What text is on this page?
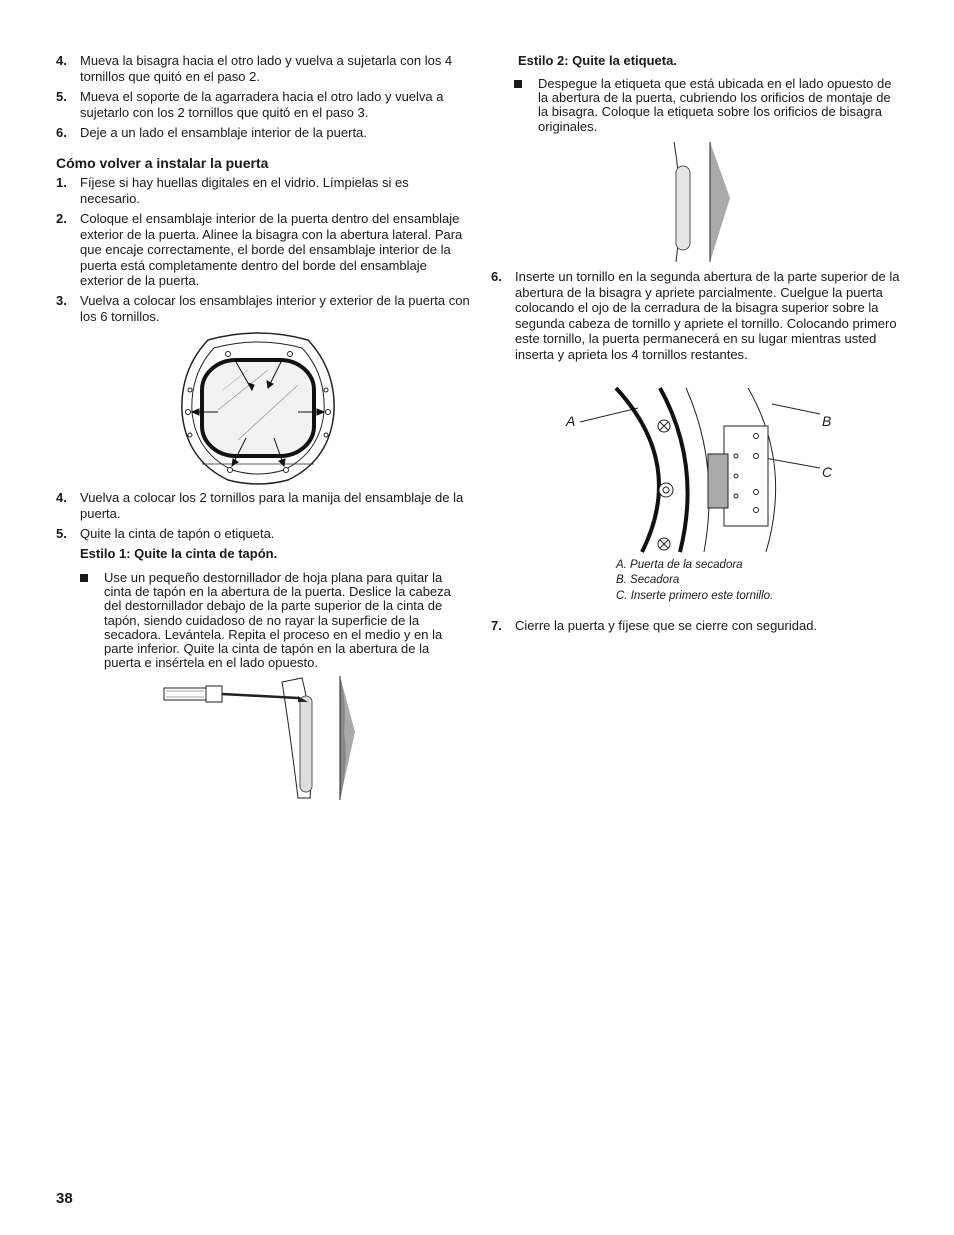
4. Mueva la bisagra hacia el otro lado y vuelva a sujetarla con los 4 tornillos que quitó en el paso 2.
5. Mueva el soporte de la agarradera hacia el otro lado y vuelva a sujetarlo con los 2 tornillos que quitó en el paso 3.
6. Deje a un lado el ensamblaje interior de la puerta.
Cómo volver a instalar la puerta
1. Fíjese si hay huellas digitales en el vidrio. Límpielas si es necesario.
2. Coloque el ensamblaje interior de la puerta dentro del ensamblaje exterior de la puerta. Alinee la bisagra con la abertura lateral. Para que encaje correctamente, el borde del ensamblaje interior de la puerta está completamente dentro del borde del ensamblaje exterior de la puerta.
3. Vuelva a colocar los ensamblajes interior y exterior de la puerta con los 6 tornillos.
4. Vuelva a colocar los 2 tornillos para la manija del ensamblaje de la puerta.
5. Quite la cinta de tapón o etiqueta.
Estilo 1: Quite la cinta de tapón.
Use un pequeño destornillador de hoja plana para quitar la cinta de tapón en la abertura de la puerta. Deslice la cabeza del destornillador debajo de la parte superior de la cinta de tapón, siendo cuidadoso de no rayar la superficie de la secadora. Levántela. Repita el proceso en el medio y en la parte inferior. Quite la cinta de tapón en la abertura de la puerta e insértela en el lado opuesto.
Estilo 2: Quite la etiqueta.
Despegue la etiqueta que está ubicada en el lado opuesto de la abertura de la puerta, cubriendo los orificios de montaje de la bisagra. Coloque la etiqueta sobre los orificios de bisagra originales.
6. Inserte un tornillo en la segunda abertura de la parte superior de la abertura de la bisagra y apriete parcialmente. Cuelgue la puerta colocando el ojo de la cerradura de la bisagra superior sobre la segunda cabeza de tornillo y apriete el tornillo. Colocando primero este tornillo, la puerta permanecerá en su lugar mientras usted inserta y aprieta los 4 tornillos restantes.
A	B
C
A. Puerta de la secadora
B. Secadora
C. Inserte primero este tornillo.
7. Cierre la puerta y fíjese que se cierre con seguridad.
38
